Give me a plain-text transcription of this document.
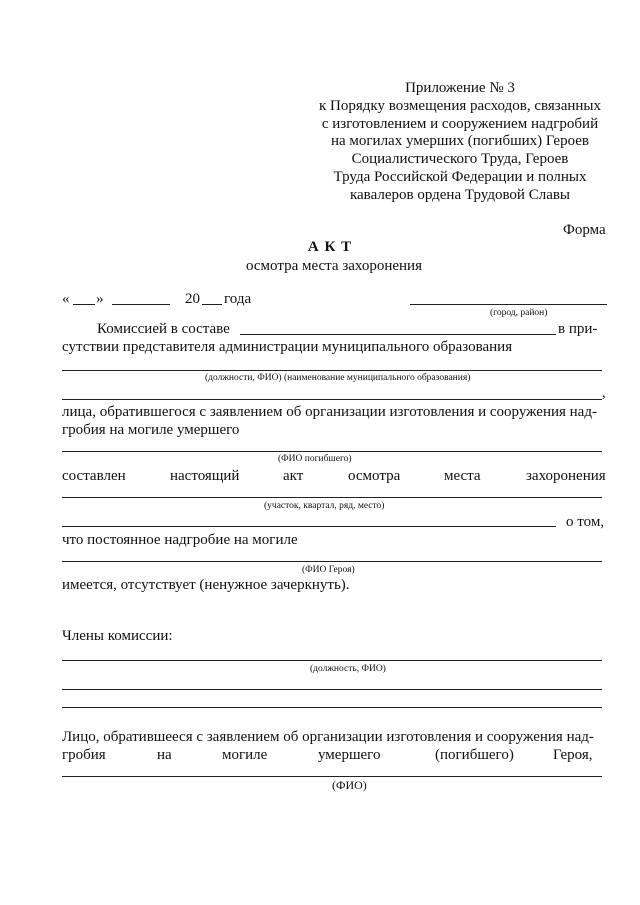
Приложение № 3
к Порядку возмещения расходов, связанных
с изготовлением и сооружением надгробий
на могилах умерших (погибших) Героев
Социалистического Труда, Героев
Труда Российской Федерации и полных
кавалеров ордена Трудовой Славы
Форма
А К Т
осмотра места захоронения
« »	20 года
(город, район)
Комиссией в составе	в при-
сутствии представителя администрации муниципального образования
(должности, ФИО) (наименование муниципального образования)
,
лица, обратившегося с заявлением об организации изготовления и сооружения над-
гробия на могиле умершего
(ФИО погибшего)
составлен	настоящий	акт	осмотра	места	захоронения
(участок, квартал, ряд, место)
о том,
что постоянное надгробие на могиле
(ФИО Героя)
имеется, отсутствует (ненужное зачеркнуть).
Члены комиссии:
(должность, ФИО)
Лицо, обратившееся с заявлением об организации изготовления и сооружения над-
гробия	на	могиле	умершего	(погибшего)	Героя,
(ФИО)
